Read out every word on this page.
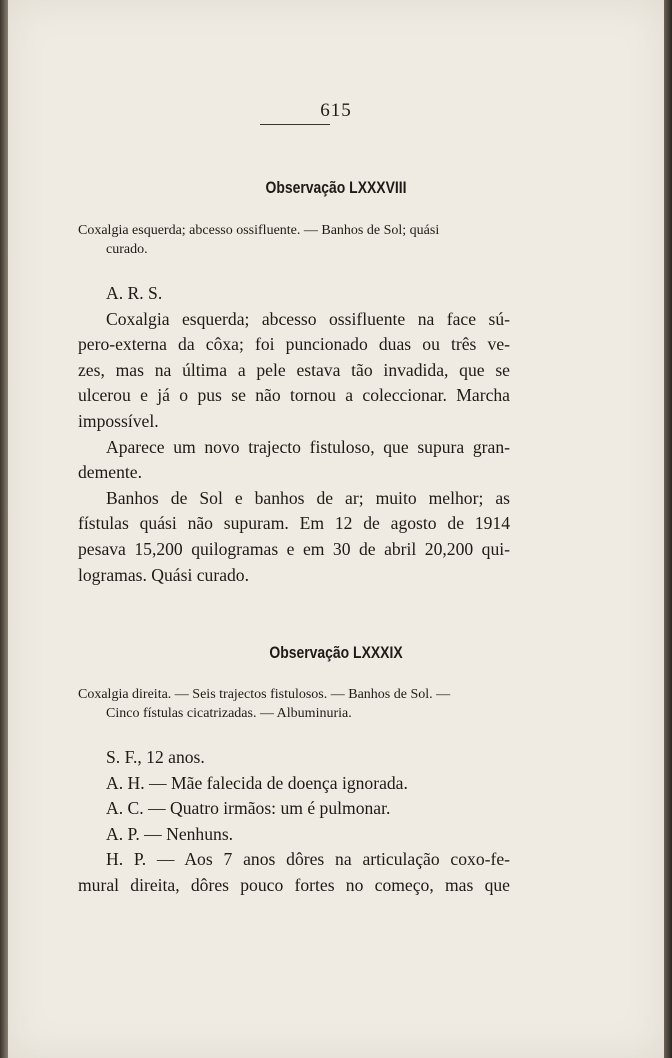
615
Observação LXXXVIII
Coxalgia esquerda; abcesso ossifluente. — Banhos de Sol; quási
curado.
A. R. S.
Coxalgia esquerda; abcesso ossifluente na face sú-
pero-externa da côxa; foi puncionado duas ou três ve-
zes, mas na última a pele estava tão invadida, que se
ulcerou e já o pus se não tornou a coleccionar. Marcha
impossível.
Aparece um novo trajecto fistuloso, que supura gran-
demente.
Banhos de Sol e banhos de ar; muito melhor; as
fístulas quási não supuram. Em 12 de agosto de 1914
pesava 15,200 quilogramas e em 30 de abril 20,200 qui-
logramas. Quási curado.
Observação LXXXIX
Coxalgia direita. — Seis trajectos fistulosos. — Banhos de Sol. —
Cinco fístulas cicatrizadas. — Albuminuria.
S. F., 12 anos.
A. H. — Mãe falecida de doença ignorada.
A. C. — Quatro irmãos: um é pulmonar.
A. P. — Nenhuns.
H. P. — Aos 7 anos dôres na articulação coxo-fe-
mural direita, dôres pouco fortes no começo, mas que
